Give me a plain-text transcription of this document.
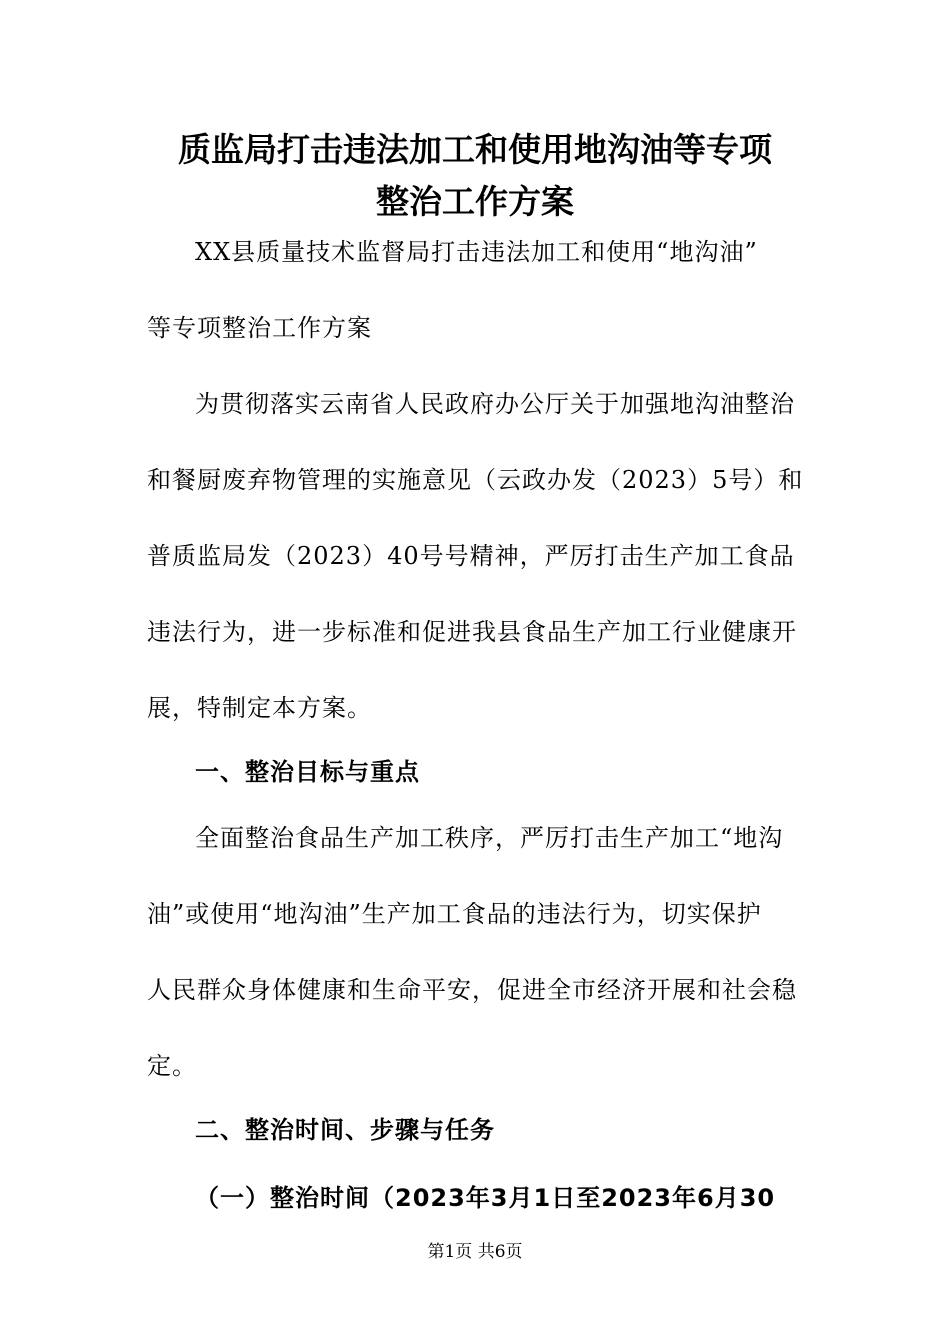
质监局打击违法加工和使用地沟油等专项
整治工作方案
XX县质量技术监督局打击违法加工和使用“地沟油”
等专项整治工作方案
为贯彻落实云南省人民政府办公厅关于加强地沟油整治
和餐厨废弃物管理的实施意见（云政办发（2023）5号）和
普质监局发（2023）40号号精神，严厉打击生产加工食品
违法行为，进一步标准和促进我县食品生产加工行业健康开
展，特制定本方案。
一、整治目标与重点
全面整治食品生产加工秩序，严厉打击生产加工“地沟
油”或使用“地沟油”生产加工食品的违法行为，切实保护
人民群众身体健康和生命平安，促进全市经济开展和社会稳
定。
二、整治时间、步骤与任务
（一）整治时间（2023年3月1日至2023年6月30
第1页 共6页
